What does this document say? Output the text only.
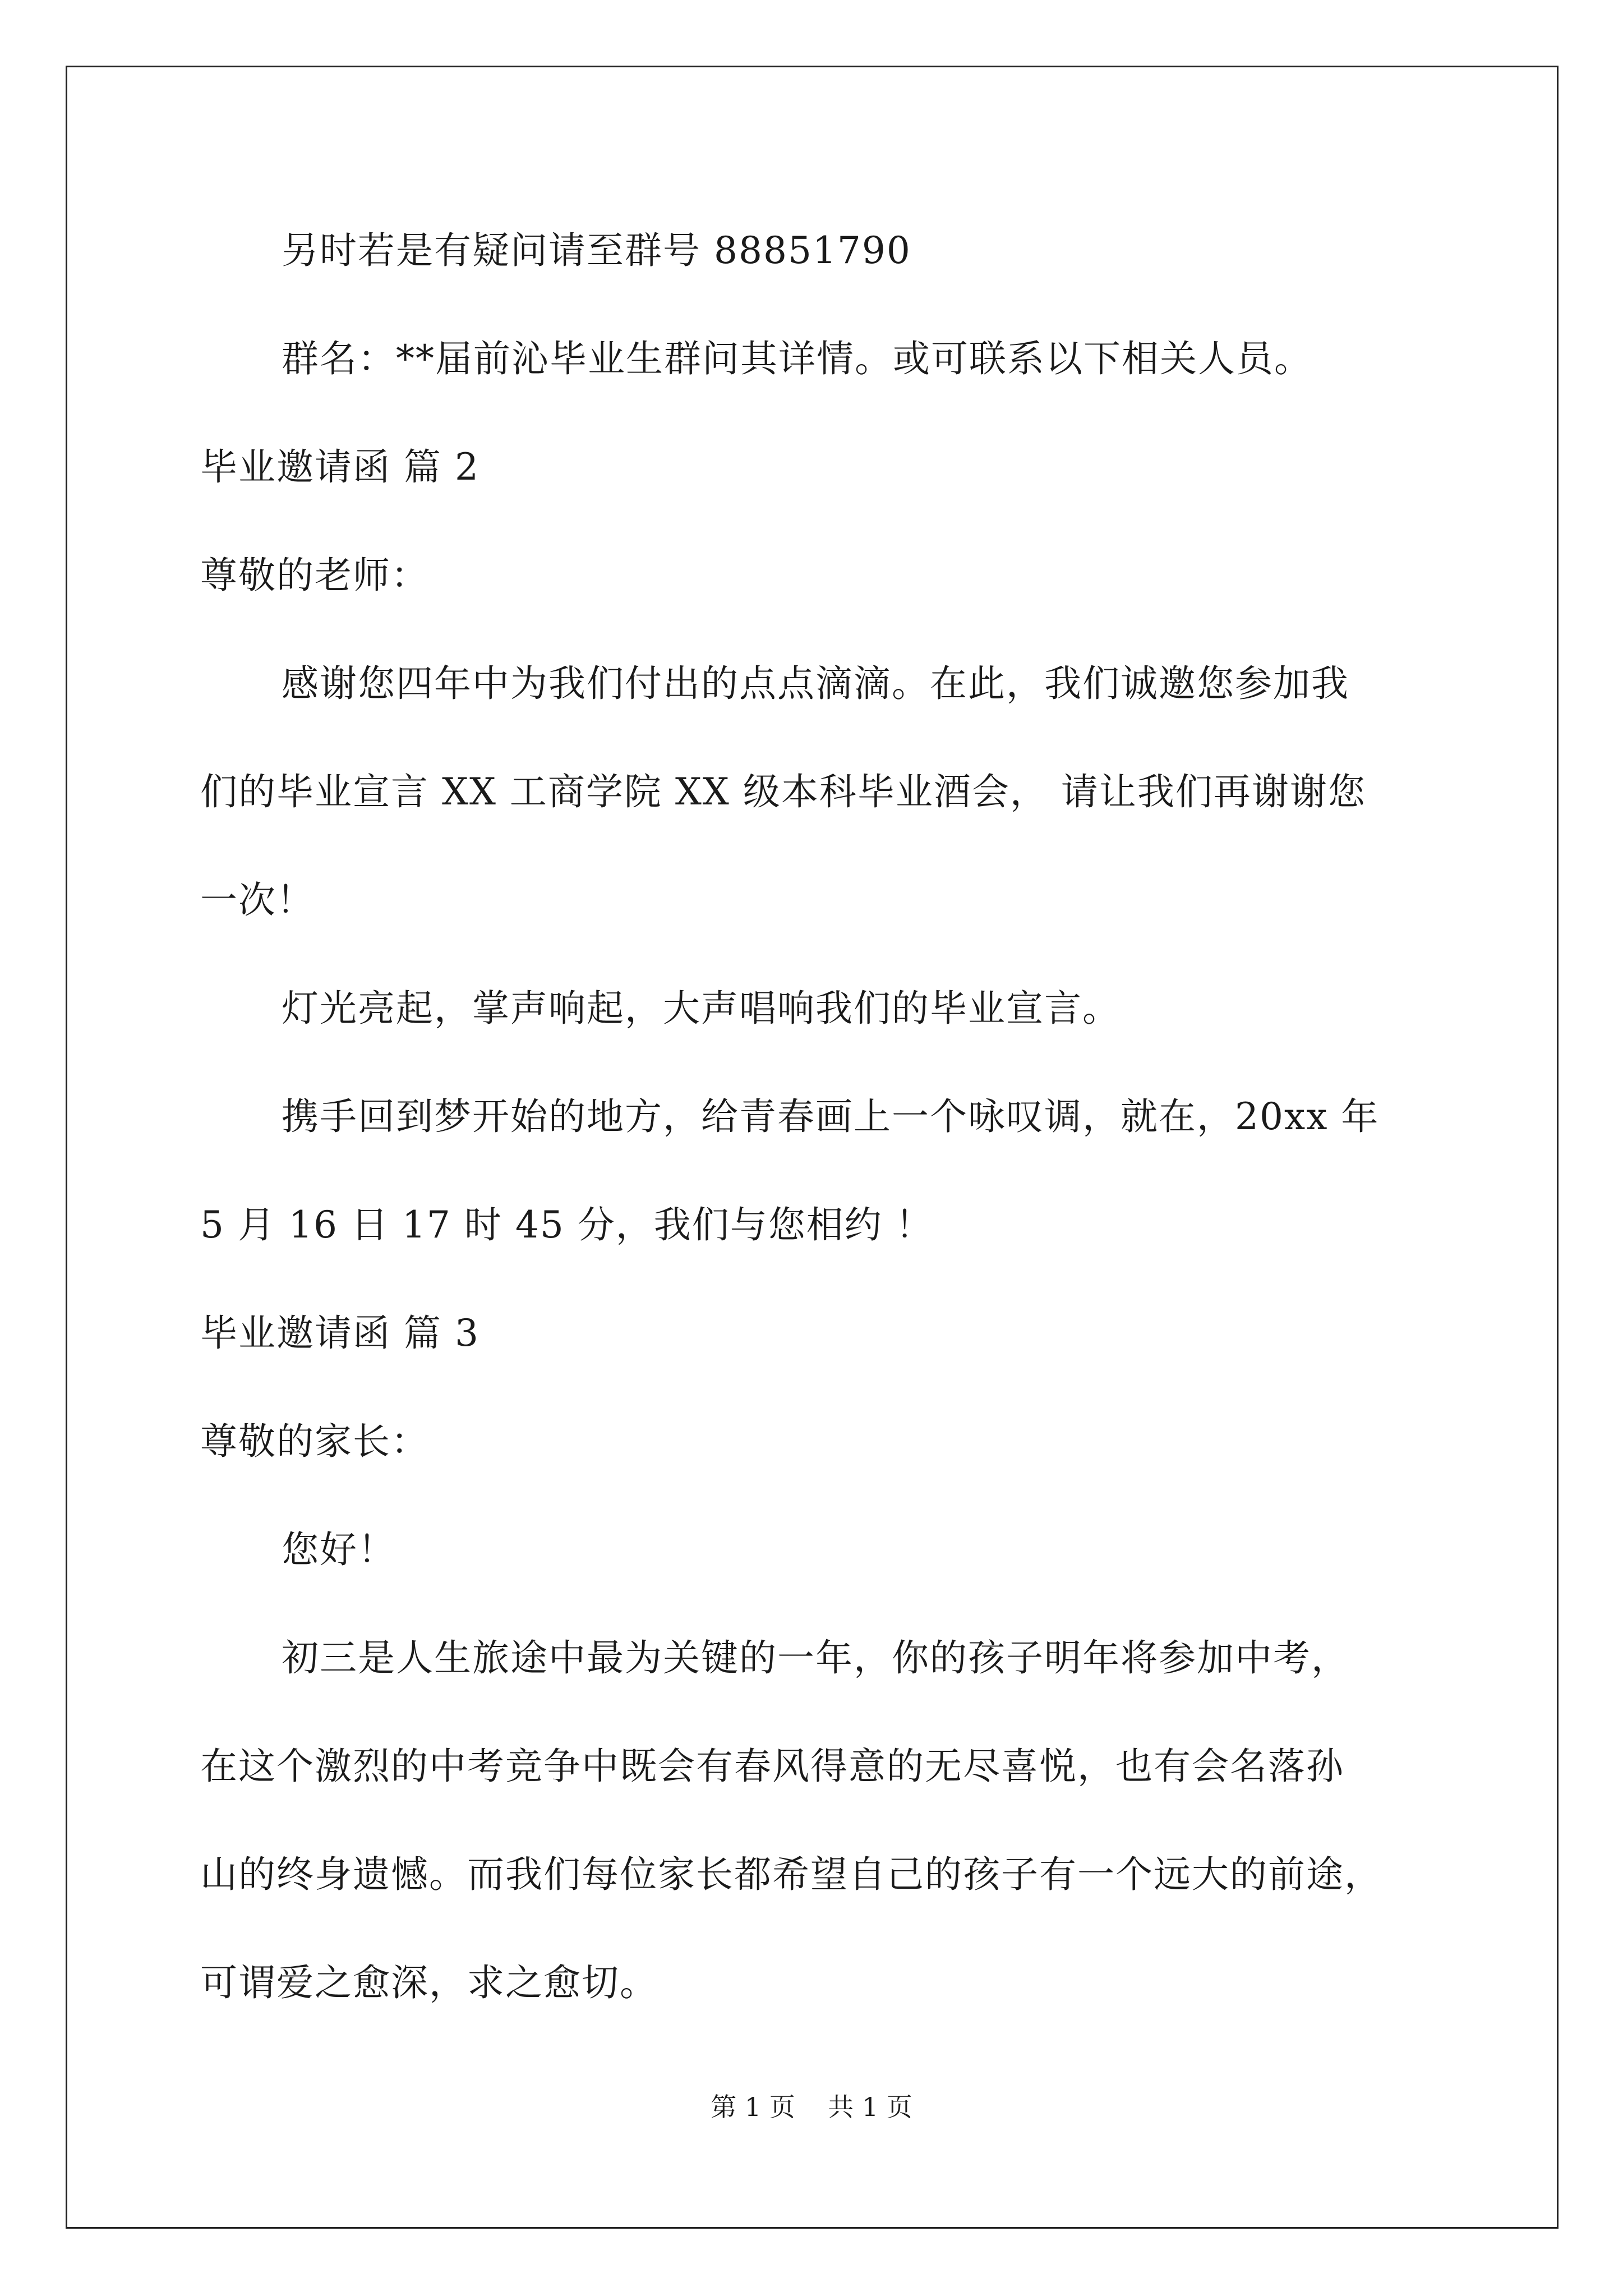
另时若是有疑问请至群号 88851790
群名：**届前沁毕业生群问其详情。或可联系以下相关人员。
毕业邀请函 篇 2
尊敬的老师：
感谢您四年中为我们付出的点点滴滴。在此，我们诚邀您参加我
们的毕业宣言 XX 工商学院 XX 级本科毕业酒会， 请让我们再谢谢您
一次！
灯光亮起，掌声响起，大声唱响我们的毕业宣言。
携手回到梦开始的地方，给青春画上一个咏叹调，就在，20xx 年
5 月 16 日 17 时 45 分，我们与您相约 ！
毕业邀请函 篇 3
尊敬的家长：
您好！
初三是人生旅途中最为关键的一年，你的孩子明年将参加中考，
在这个激烈的中考竞争中既会有春风得意的无尽喜悦，也有会名落孙
山的终身遗憾。而我们每位家长都希望自己的孩子有一个远大的前途，
可谓爱之愈深，求之愈切。
第 1 页    共 1 页
